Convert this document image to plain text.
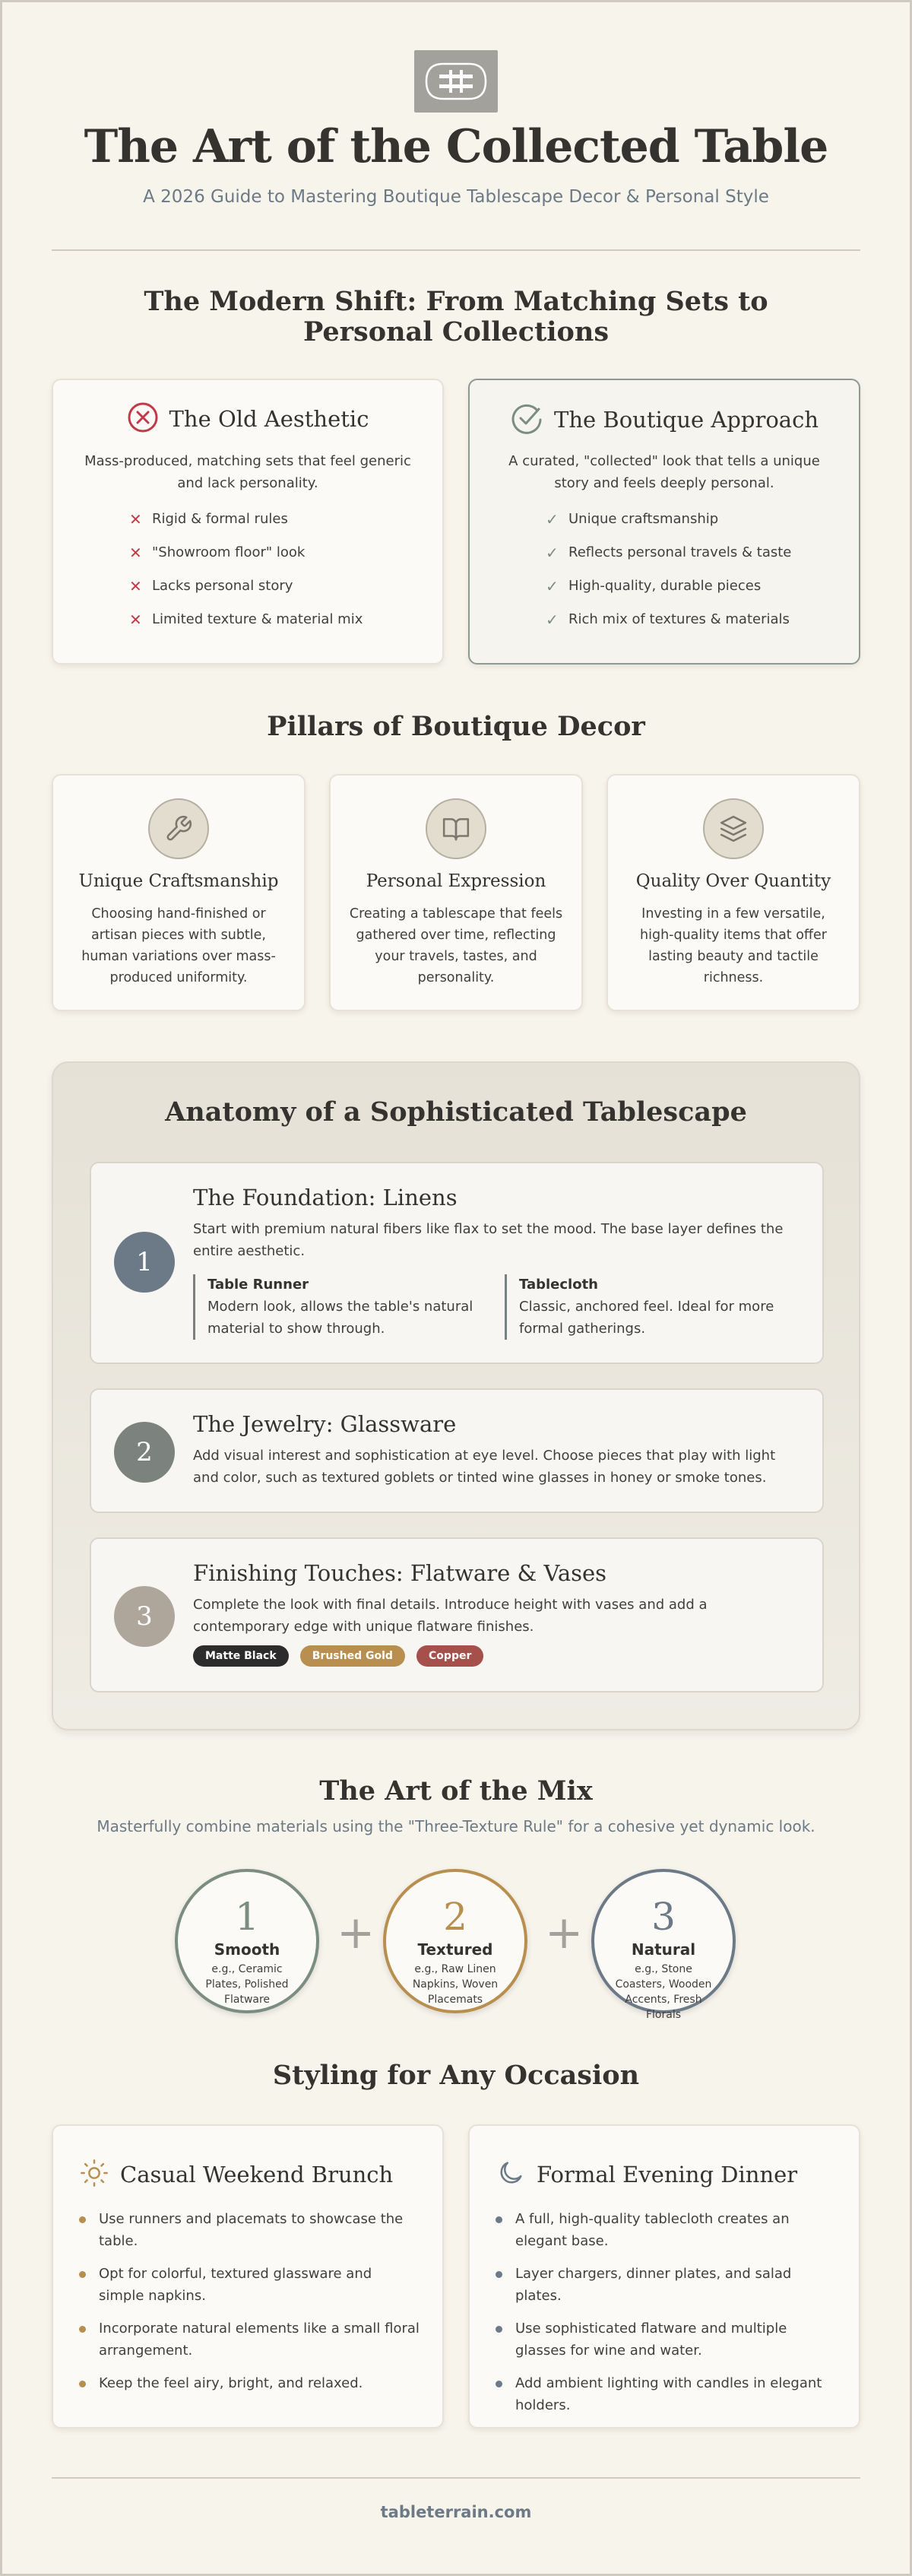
The Art of the Collected Table
A 2026 Guide to Mastering Boutique Tablescape Decor & Personal Style
The Modern Shift: From Matching Sets to Personal Collections
The Old Aesthetic
Mass-produced, matching sets that feel generic and lack personality.
✕ Rigid & formal rules
✕ "Showroom floor" look
✕ Lacks personal story
✕ Limited texture & material mix
The Boutique Approach
A curated, "collected" look that tells a unique story and feels deeply personal.
✓ Unique craftsmanship
✓ Reflects personal travels & taste
✓ High-quality, durable pieces
✓ Rich mix of textures & materials
Pillars of Boutique Decor
Unique Craftsmanship
Choosing hand-finished or artisan pieces with subtle, human variations over mass-produced uniformity.
Personal Expression
Creating a tablescape that feels gathered over time, reflecting your travels, tastes, and personality.
Quality Over Quantity
Investing in a few versatile, high-quality items that offer lasting beauty and tactile richness.
Anatomy of a Sophisticated Tablescape
1
The Foundation: Linens
Start with premium natural fibers like flax to set the mood. The base layer defines the entire aesthetic.
Table Runner
Modern look, allows the table's natural material to show through.
Tablecloth
Classic, anchored feel. Ideal for more formal gatherings.
2
The Jewelry: Glassware
Add visual interest and sophistication at eye level. Choose pieces that play with light and color, such as textured goblets or tinted wine glasses in honey or smoke tones.
3
Finishing Touches: Flatware & Vases
Complete the look with final details. Introduce height with vases and add a contemporary edge with unique flatware finishes.
Matte Black	Brushed Gold	Copper
The Art of the Mix
Masterfully combine materials using the "Three-Texture Rule" for a cohesive yet dynamic look.
1
Smooth
e.g., Ceramic Plates, Polished Flatware
+	2
Textured
e.g., Raw Linen Napkins, Woven Placemats
+	3
Natural
e.g., Stone Coasters, Wooden Accents, Fresh Florals
Styling for Any Occasion
Casual Weekend Brunch
Use runners and placemats to showcase the table.
Opt for colorful, textured glassware and simple napkins.
Incorporate natural elements like a small floral arrangement.
Keep the feel airy, bright, and relaxed.
Formal Evening Dinner
A full, high-quality tablecloth creates an elegant base.
Layer chargers, dinner plates, and salad plates.
Use sophisticated flatware and multiple glasses for wine and water.
Add ambient lighting with candles in elegant holders.
tableterrain.com
